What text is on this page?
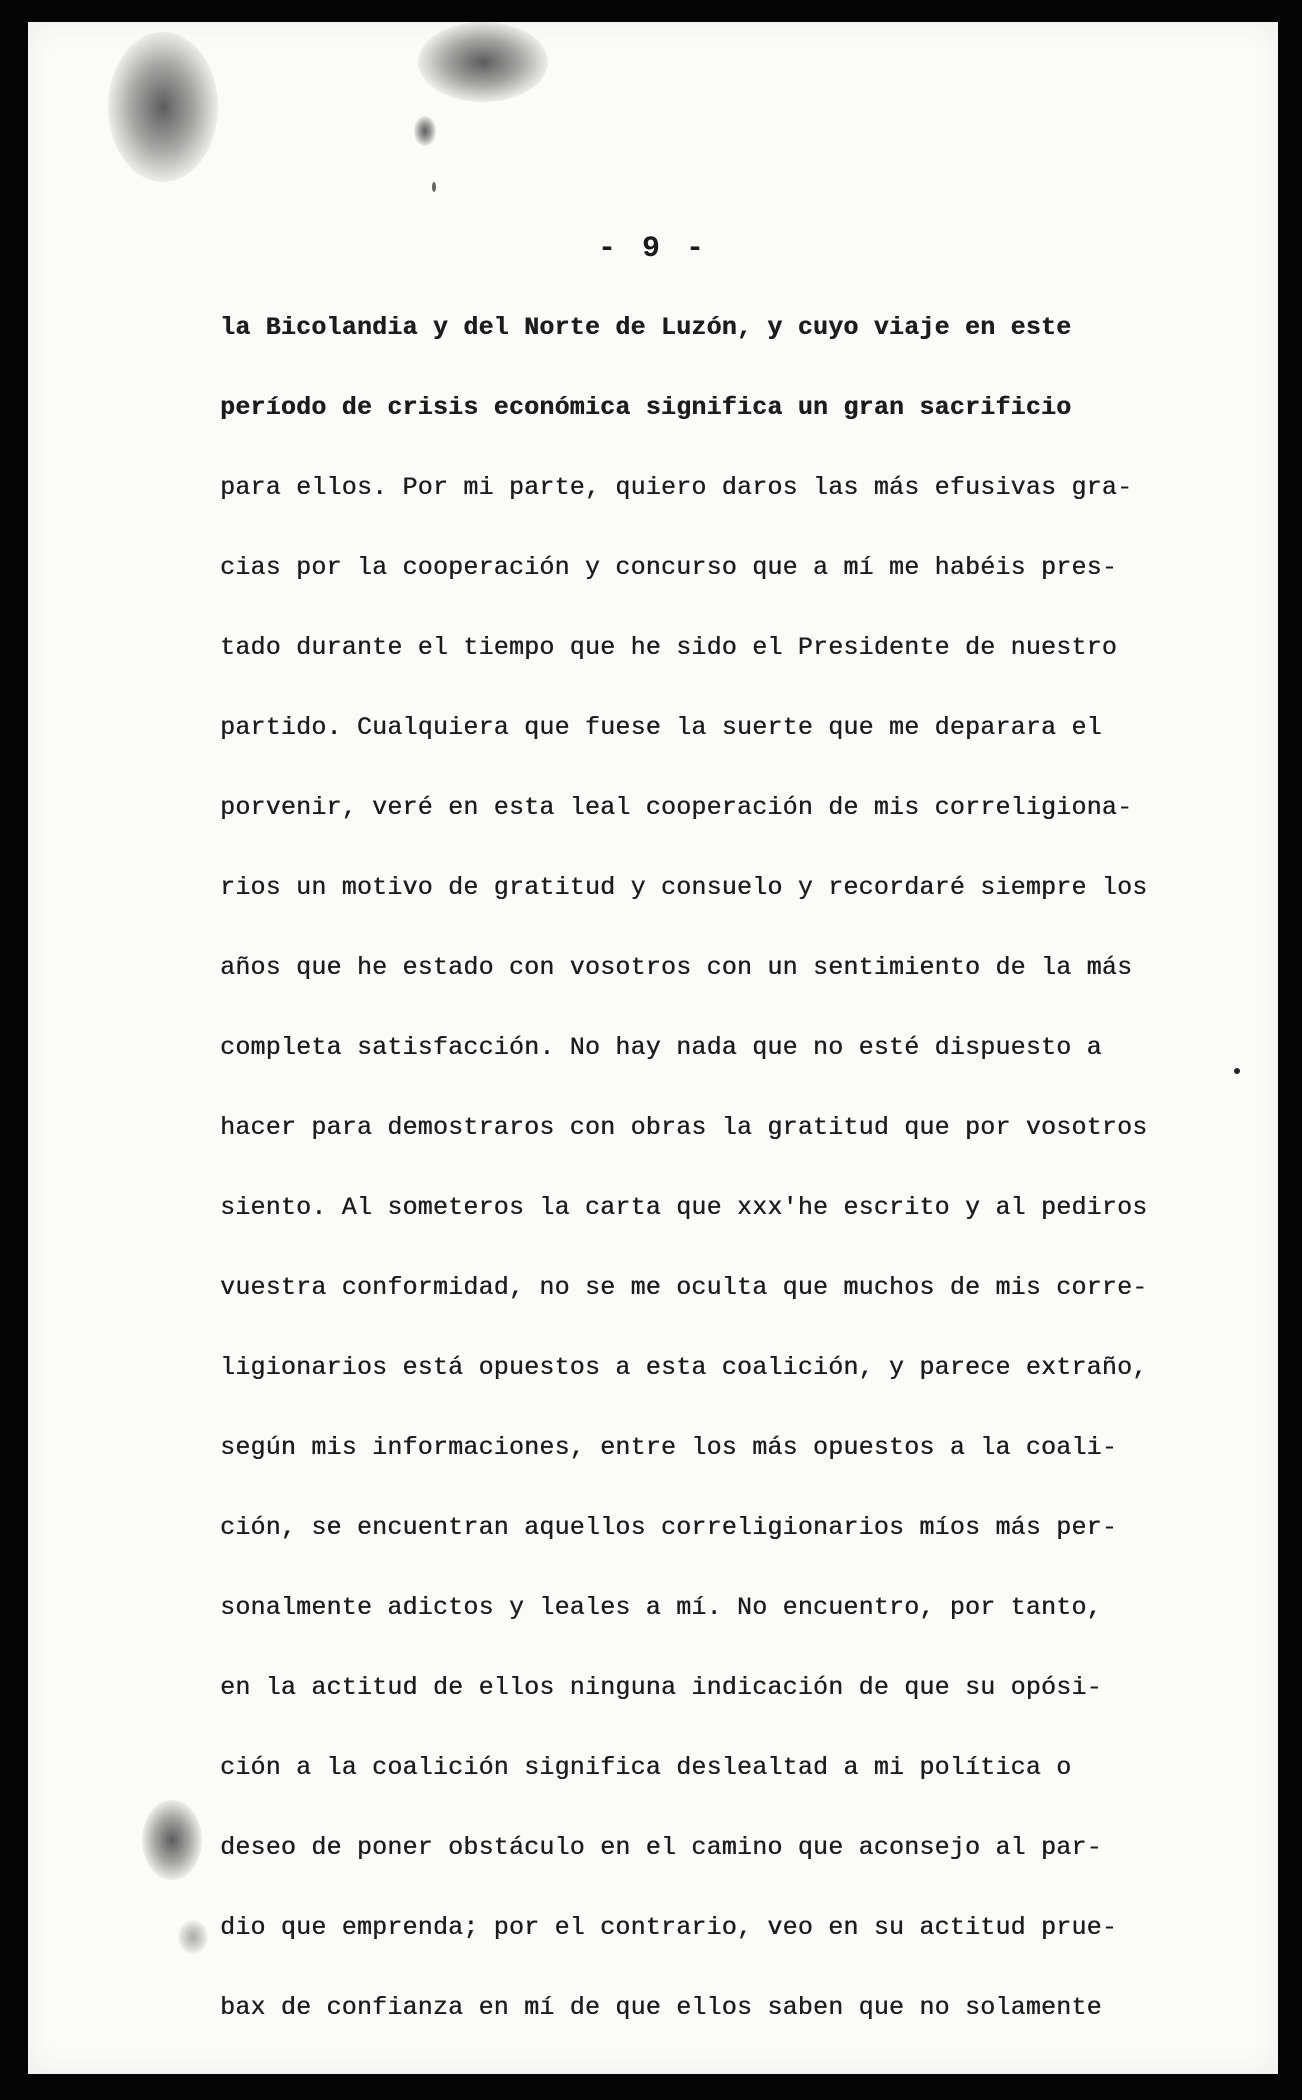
- 9 -
la Bicolandia y del Norte de Luzón, y cuyo viaje en este
período de crisis económica significa un gran sacrificio
para ellos. Por mi parte, quiero daros las más efusivas gra-
cias por la cooperación y concurso que a mí me habéis pres-
tado durante el tiempo que he sido el Presidente de nuestro
partido. Cualquiera que fuese la suerte que me deparara el
porvenir, veré en esta leal cooperación de mis correligiona-
rios un motivo de gratitud y consuelo y recordaré siempre los
años que he estado con vosotros con un sentimiento de la más
completa satisfacción. No hay nada que no esté dispuesto a
hacer para demostraros con obras la gratitud que por vosotros
siento. Al someteros la carta que xxx'he escrito y al pediros
vuestra conformidad, no se me oculta que muchos de mis corre-
ligionarios está opuestos a esta coalición, y parece extraño,
según mis informaciones, entre los más opuestos a la coali-
ción, se encuentran aquellos correligionarios míos más per-
sonalmente adictos y leales a mí. No encuentro, por tanto,
en la actitud de ellos ninguna indicación de que su opósi-
ción a la coalición significa deslealtad a mi política o
deseo de poner obstáculo en el camino que aconsejo al par-
dio que emprenda; por el contrario, veo en su actitud prue-
bax de confianza en mí de que ellos saben que no solamente
